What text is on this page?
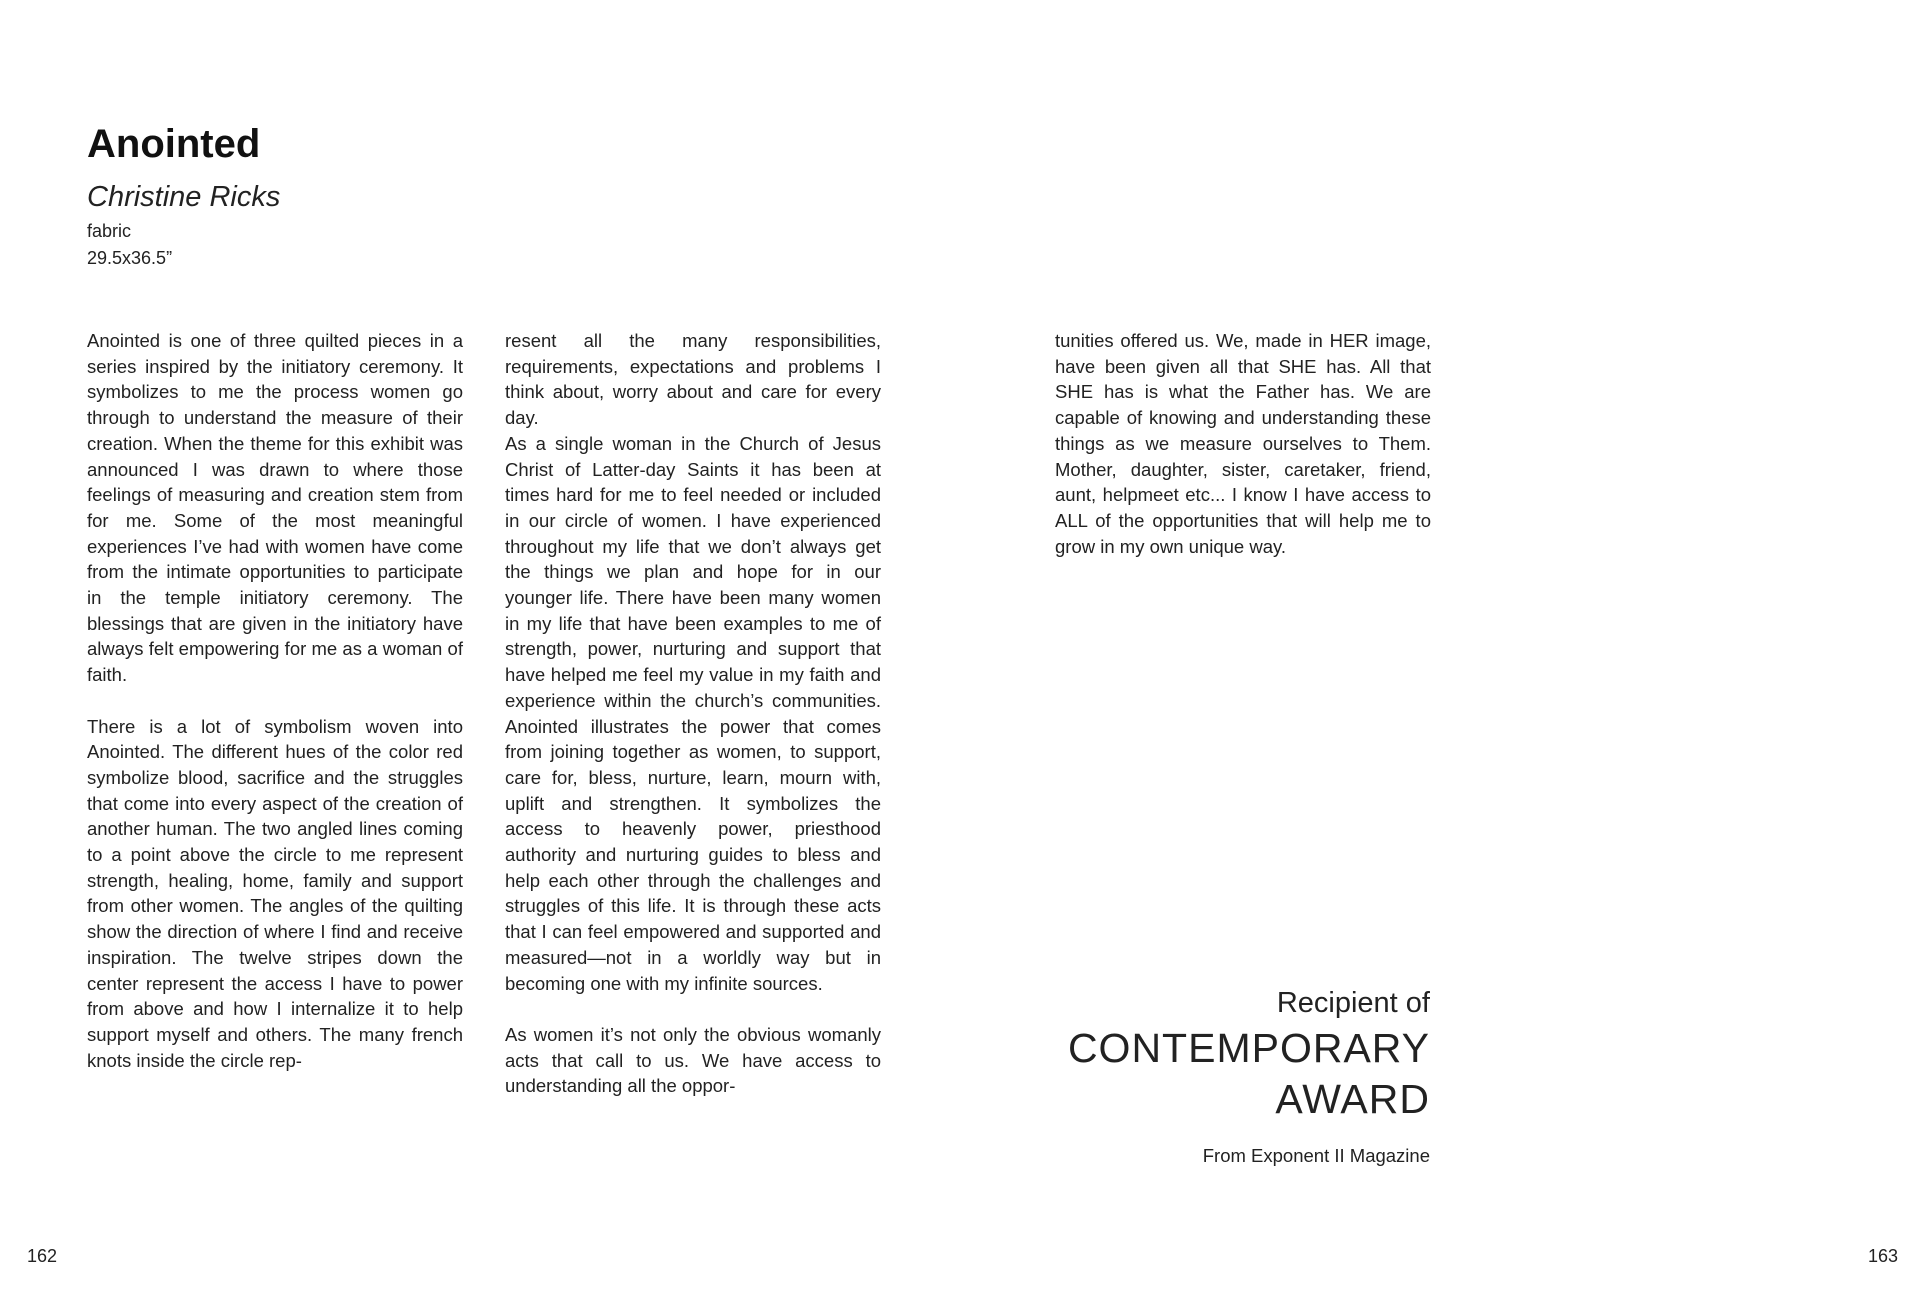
Anointed
Christine Ricks
fabric
29.5x36.5”

Anointed is one of three quilted pieces in a series inspired by the initiatory ceremony. It symbolizes to me the process women go through to understand the measure of their creation. When the theme for this exhibit was announced I was drawn to where those feelings of measuring and creation stem from for me. Some of the most meaningful experiences I’ve had with women have come from the intimate opportunities to participate in the temple initiatory ceremony. The blessings that are given in the initiatory have always felt empowering for me as a woman of faith.

There is a lot of symbolism woven into Anointed. The different hues of the color red symbolize blood, sacrifice and the struggles that come into every aspect of the creation of another human. The two angled lines coming to a point above the circle to me represent strength, healing, home, family and support from other women. The angles of the quilting show the direction of where I find and receive inspiration. The twelve stripes down the center represent the access I have to power from above and how I internalize it to help support myself and others. The many french knots inside the circle rep-

resent all the many responsibilities, requirements, expectations and problems I think about, worry about and care for every day.

As a single woman in the Church of Jesus Christ of Latter-day Saints it has been at times hard for me to feel needed or included in our circle of women. I have experienced throughout my life that we don’t always get the things we plan and hope for in our younger life. There have been many women in my life that have been examples to me of strength, power, nurturing and support that have helped me feel my value in my faith and experience within the church’s communities. Anointed illustrates the power that comes from joining together as women, to support, care for, bless, nurture, learn, mourn with, uplift and strengthen. It symbolizes the access to heavenly power, priesthood authority and nurturing guides to bless and help each other through the challenges and struggles of this life. It is through these acts that I can feel empowered and supported and measured—not in a worldly way but in becoming one with my infinite sources.

As women it’s not only the obvious womanly acts that call to us. We have access to understanding all the oppor-

tunities offered us. We, made in HER image, have been given all that SHE has. All that SHE has is what the Father has. We are capable of knowing and understanding these things as we measure ourselves to Them. Mother, daughter, sister, caretaker, friend, aunt, helpmeet etc... I know I have access to ALL of the opportunities that will help me to grow in my own unique way.

Recipient of
CONTEMPORARY
AWARD
From Exponent II Magazine
162	163
